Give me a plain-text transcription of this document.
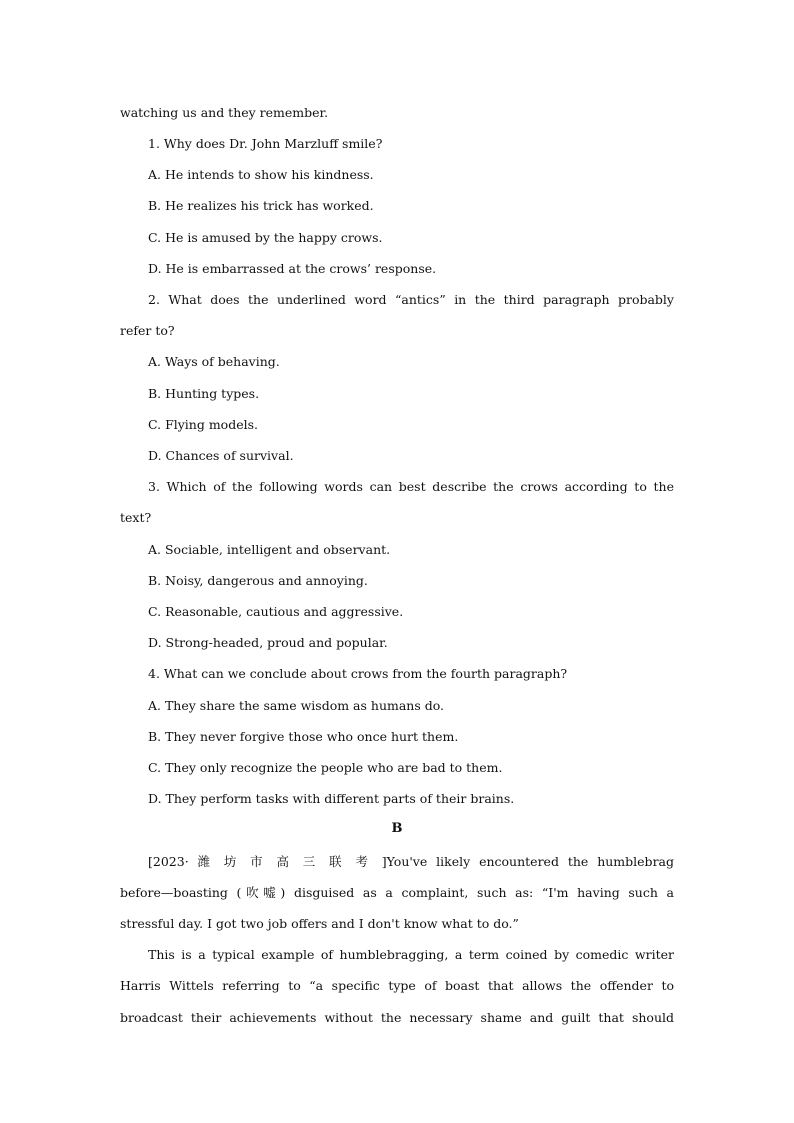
watching us and they remember.
1. Why does Dr. John Marzluff smile?
A. He intends to show his kindness.
B. He realizes his trick has worked.
C. He is amused by the happy crows.
D. He is embarrassed at the crows’ response.
2. What does the underlined word “antics” in the third paragraph probably
refer to?
A. Ways of behaving.
B. Hunting types.
C. Flying models.
D. Chances of survival.
3. Which of the following words can best describe the crows according to the
text?
A. Sociable, intelligent and observant.
B. Noisy, dangerous and annoying.
C. Reasonable, cautious and aggressive.
D. Strong-headed, proud and popular.
4. What can we conclude about crows from the fourth paragraph?
A. They share the same wisdom as humans do.
B. They never forgive those who once hurt them.
C. They only recognize the people who are bad to them.
D. They perform tasks with different parts of their brains.
B
[2023· 潍 坊 市 高 三 联 考 ]You've likely encountered the humblebrag
before—boasting (吹嘘) disguised as a complaint, such as: “I'm having such a
stressful day. I got two job offers and I don't know what to do.”
This is a typical example of humblebragging, a term coined by comedic writer
Harris Wittels referring to “a specific type of boast that allows the offender to
broadcast their achievements without the necessary shame and guilt that should
